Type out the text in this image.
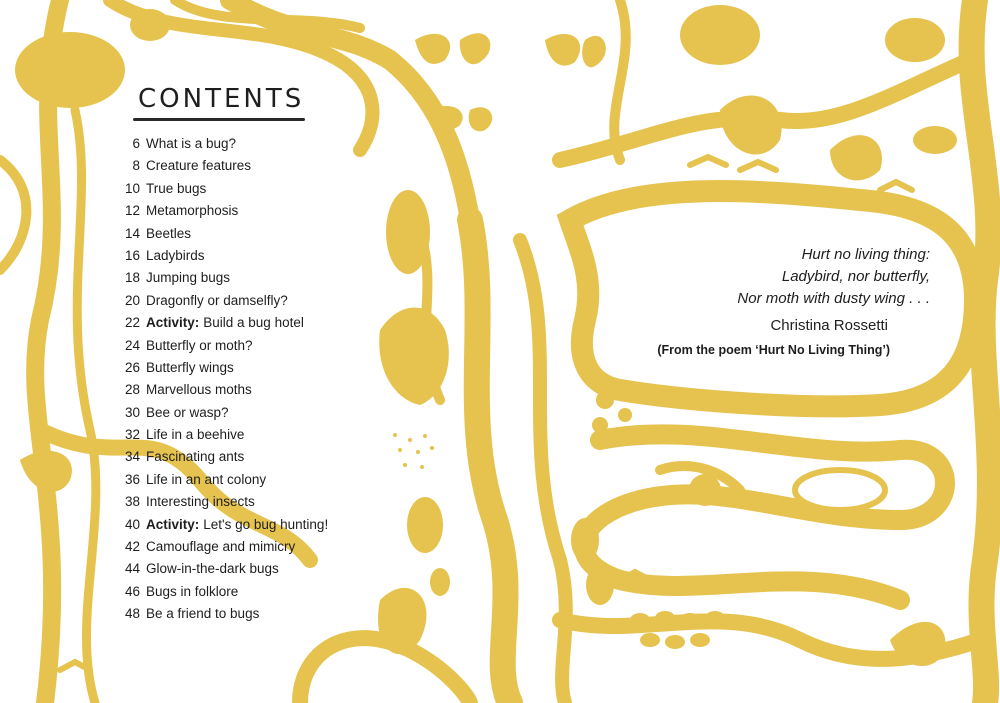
CONTENTS
6 What is a bug?
8 Creature features
10 True bugs
12 Metamorphosis
14 Beetles
16 Ladybirds
18 Jumping bugs
20 Dragonfly or damselfly?
22 Activity: Build a bug hotel
24 Butterfly or moth?
26 Butterfly wings
28 Marvellous moths
30 Bee or wasp?
32 Life in a beehive
34 Fascinating ants
36 Life in an ant colony
38 Interesting insects
40 Activity: Let's go bug hunting!
42 Camouflage and mimicry
44 Glow-in-the-dark bugs
46 Bugs in folklore
48 Be a friend to bugs

Hurt no living thing:
Ladybird, nor butterfly,
Nor moth with dusty wing . . .

Christina Rossetti

(From the poem ‘Hurt No Living Thing’)
